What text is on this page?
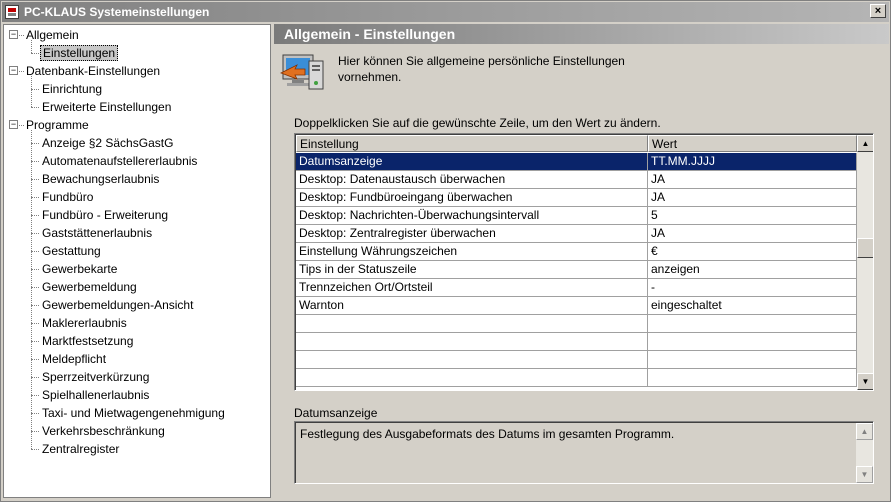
PC-KLAUS Systemeinstellungen	×
Allgemein
−
Einstellungen
Datenbank-Einstellungen
−
Einrichtung
Erweiterte Einstellungen
Programme
−
Anzeige §2 SächsGastG
Automatenaufstellererlaubnis
Bewachungserlaubnis
Fundbüro
Fundbüro - Erweiterung
Gaststättenerlaubnis
Gestattung
Gewerbekarte
Gewerbemeldung
Gewerbemeldungen-Ansicht
Maklererlaubnis
Marktfestsetzung
Meldepflicht
Sperrzeitverkürzung
Spielhallenerlaubnis
Taxi- und Mietwagengenehmigung
Verkehrsbeschränkung
Zentralregister
Allgemein - Einstellungen
Hier können Sie allgemeine persönliche Einstellungen vornehmen.
Doppelklicken Sie auf die gewünschte Zeile, um den Wert zu ändern.
Einstellung	Wert
Datumsanzeige	TT.MM.JJJJ
Desktop: Datenaustausch überwachen	JA
Desktop: Fundbüroeingang überwachen	JA
Desktop: Nachrichten-Überwachungsintervall	5
Desktop: Zentralregister überwachen	JA
Einstellung Währungszeichen	€
Tips in der Statuszeile	anzeigen
Trennzeichen Ort/Ortsteil	-
Warnton	eingeschaltet
▲
▼
Datumsanzeige
Festlegung des Ausgabeformats des Datums im gesamten Programm.	▲
▼
